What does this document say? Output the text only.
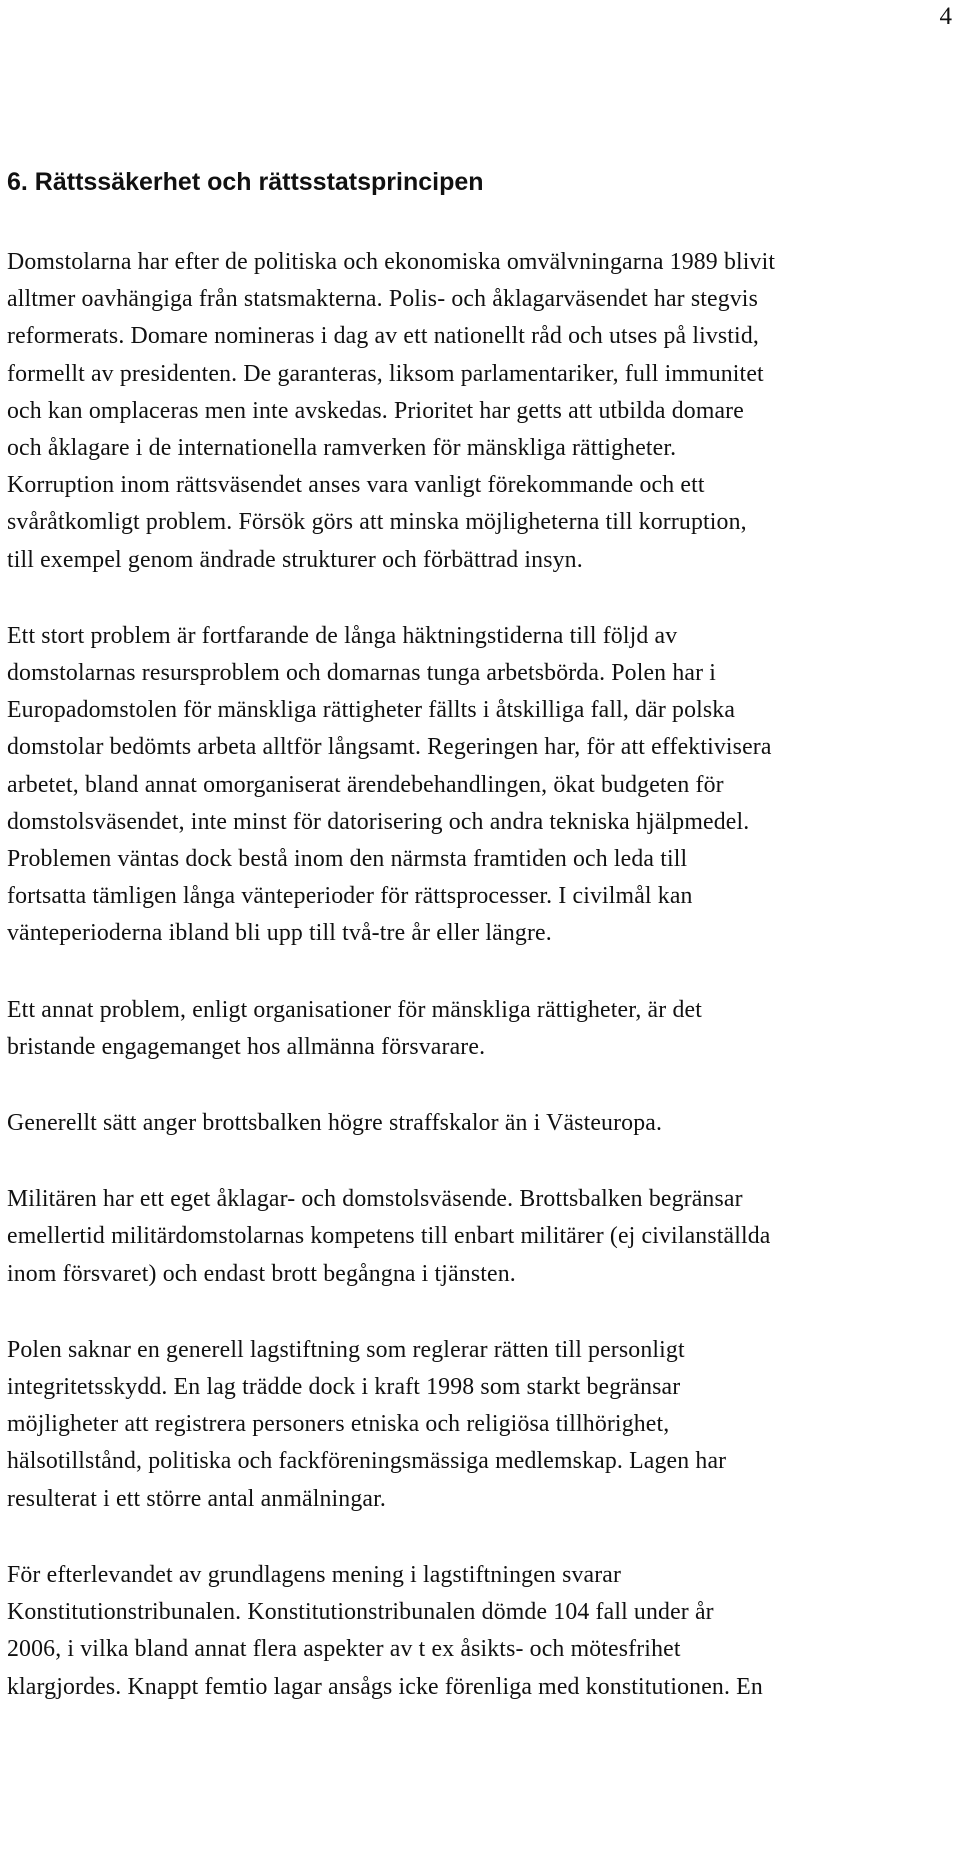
4
6. Rättssäkerhet och rättsstatsprincipen

Domstolarna har efter de politiska och ekonomiska omvälvningarna 1989 blivit
alltmer oavhängiga från statsmakterna. Polis- och åklagarväsendet har stegvis
reformerats. Domare nomineras i dag av ett nationellt råd och utses på livstid,
formellt av presidenten. De garanteras, liksom parlamentariker, full immunitet
och kan omplaceras men inte avskedas. Prioritet har getts att utbilda domare
och åklagare i de internationella ramverken för mänskliga rättigheter.
Korruption inom rättsväsendet anses vara vanligt förekommande och ett
svåråtkomligt problem. Försök görs att minska möjligheterna till korruption,
till exempel genom ändrade strukturer och förbättrad insyn.

Ett stort problem är fortfarande de långa häktningstiderna till följd av
domstolarnas resursproblem och domarnas tunga arbetsbörda. Polen har i
Europadomstolen för mänskliga rättigheter fällts i åtskilliga fall, där polska
domstolar bedömts arbeta alltför långsamt. Regeringen har, för att effektivisera
arbetet, bland annat omorganiserat ärendebehandlingen, ökat budgeten för
domstolsväsendet, inte minst för datorisering och andra tekniska hjälpmedel.
Problemen väntas dock bestå inom den närmsta framtiden och leda till
fortsatta tämligen långa vänteperioder för rättsprocesser. I civilmål kan
vänteperioderna ibland bli upp till två-tre år eller längre.

Ett annat problem, enligt organisationer för mänskliga rättigheter, är det
bristande engagemanget hos allmänna försvarare.

Generellt sätt anger brottsbalken högre straffskalor än i Västeuropa.

Militären har ett eget åklagar- och domstolsväsende. Brottsbalken begränsar
emellertid militärdomstolarnas kompetens till enbart militärer (ej civilanställda
inom försvaret) och endast brott begångna i tjänsten.

Polen saknar en generell lagstiftning som reglerar rätten till personligt
integritetsskydd. En lag trädde dock i kraft 1998 som starkt begränsar
möjligheter att registrera personers etniska och religiösa tillhörighet,
hälsotillstånd, politiska och fackföreningsmässiga medlemskap. Lagen har
resulterat i ett större antal anmälningar.

För efterlevandet av grundlagens mening i lagstiftningen svarar
Konstitutionstribunalen. Konstitutionstribunalen dömde 104 fall under år
2006, i vilka bland annat flera aspekter av t ex åsikts- och mötesfrihet
klargjordes. Knappt femtio lagar ansågs icke förenliga med konstitutionen. En
